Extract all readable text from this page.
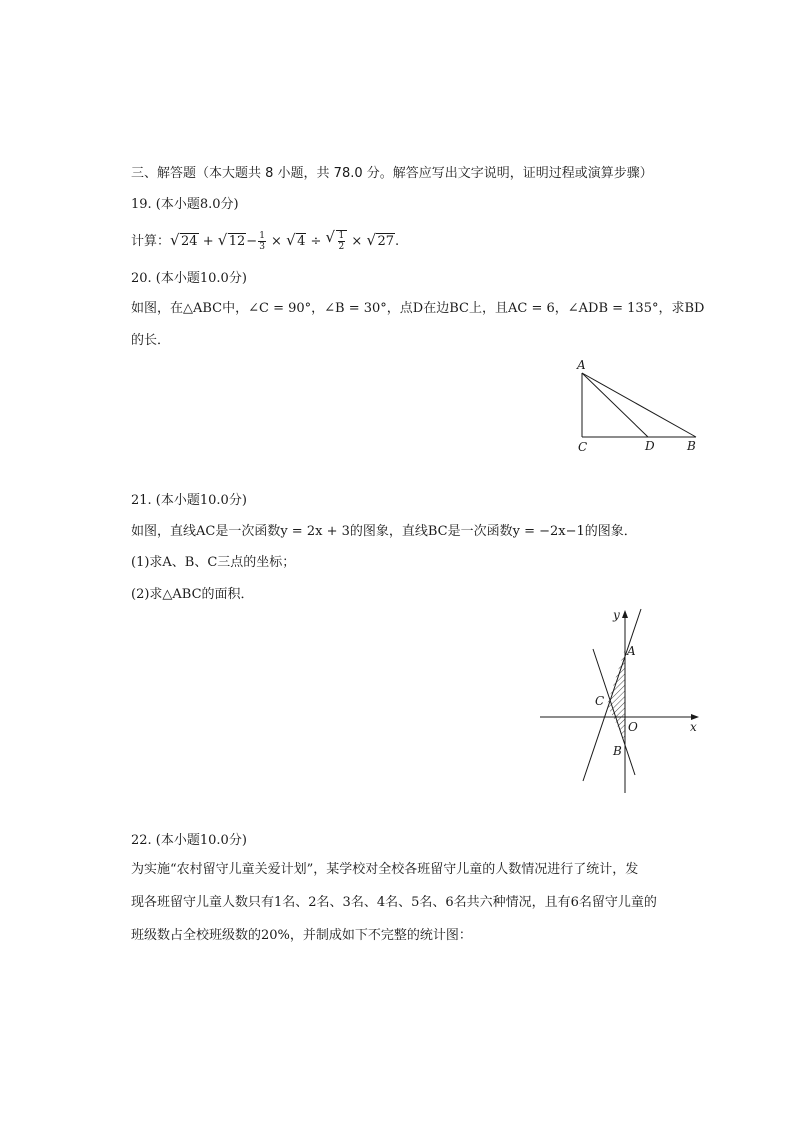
三、解答题（本大题共 8 小题，共 78.0 分。解答应写出文字说明，证明过程或演算步骤）
19. (本小题8.0分)
计算： √ 24 + √ $12- \frac{1}{3}$ × √ 4 ÷ √ $\frac{1}{2}$ × √ 27.
20. (本小题10.0分)
如图，在△ABC中，∠C = 90°，∠B = 30°，点D在边BC上，且AC = 6，∠ADB = 135°，求BD
的长．
A
C	D	B
21. (本小题10.0分)
如图，直线AC是一次函数y = 2x + 3的图象，直线BC是一次函数y = −2x−1的图象．
(1)求A、B、C三点的坐标；
(2)求△ABC的面积．
y
x
A
C
O
B
22. (本小题10.0分)
为实施“农村留守儿童关爱计划”，某学校对全校各班留守儿童的人数情况进行了统计，发
现各班留守儿童人数只有1名、2名、3名、4名、5名、6名共六种情况，且有6名留守儿童的
班级数占全校班级数的20%，并制成如下不完整的统计图：
